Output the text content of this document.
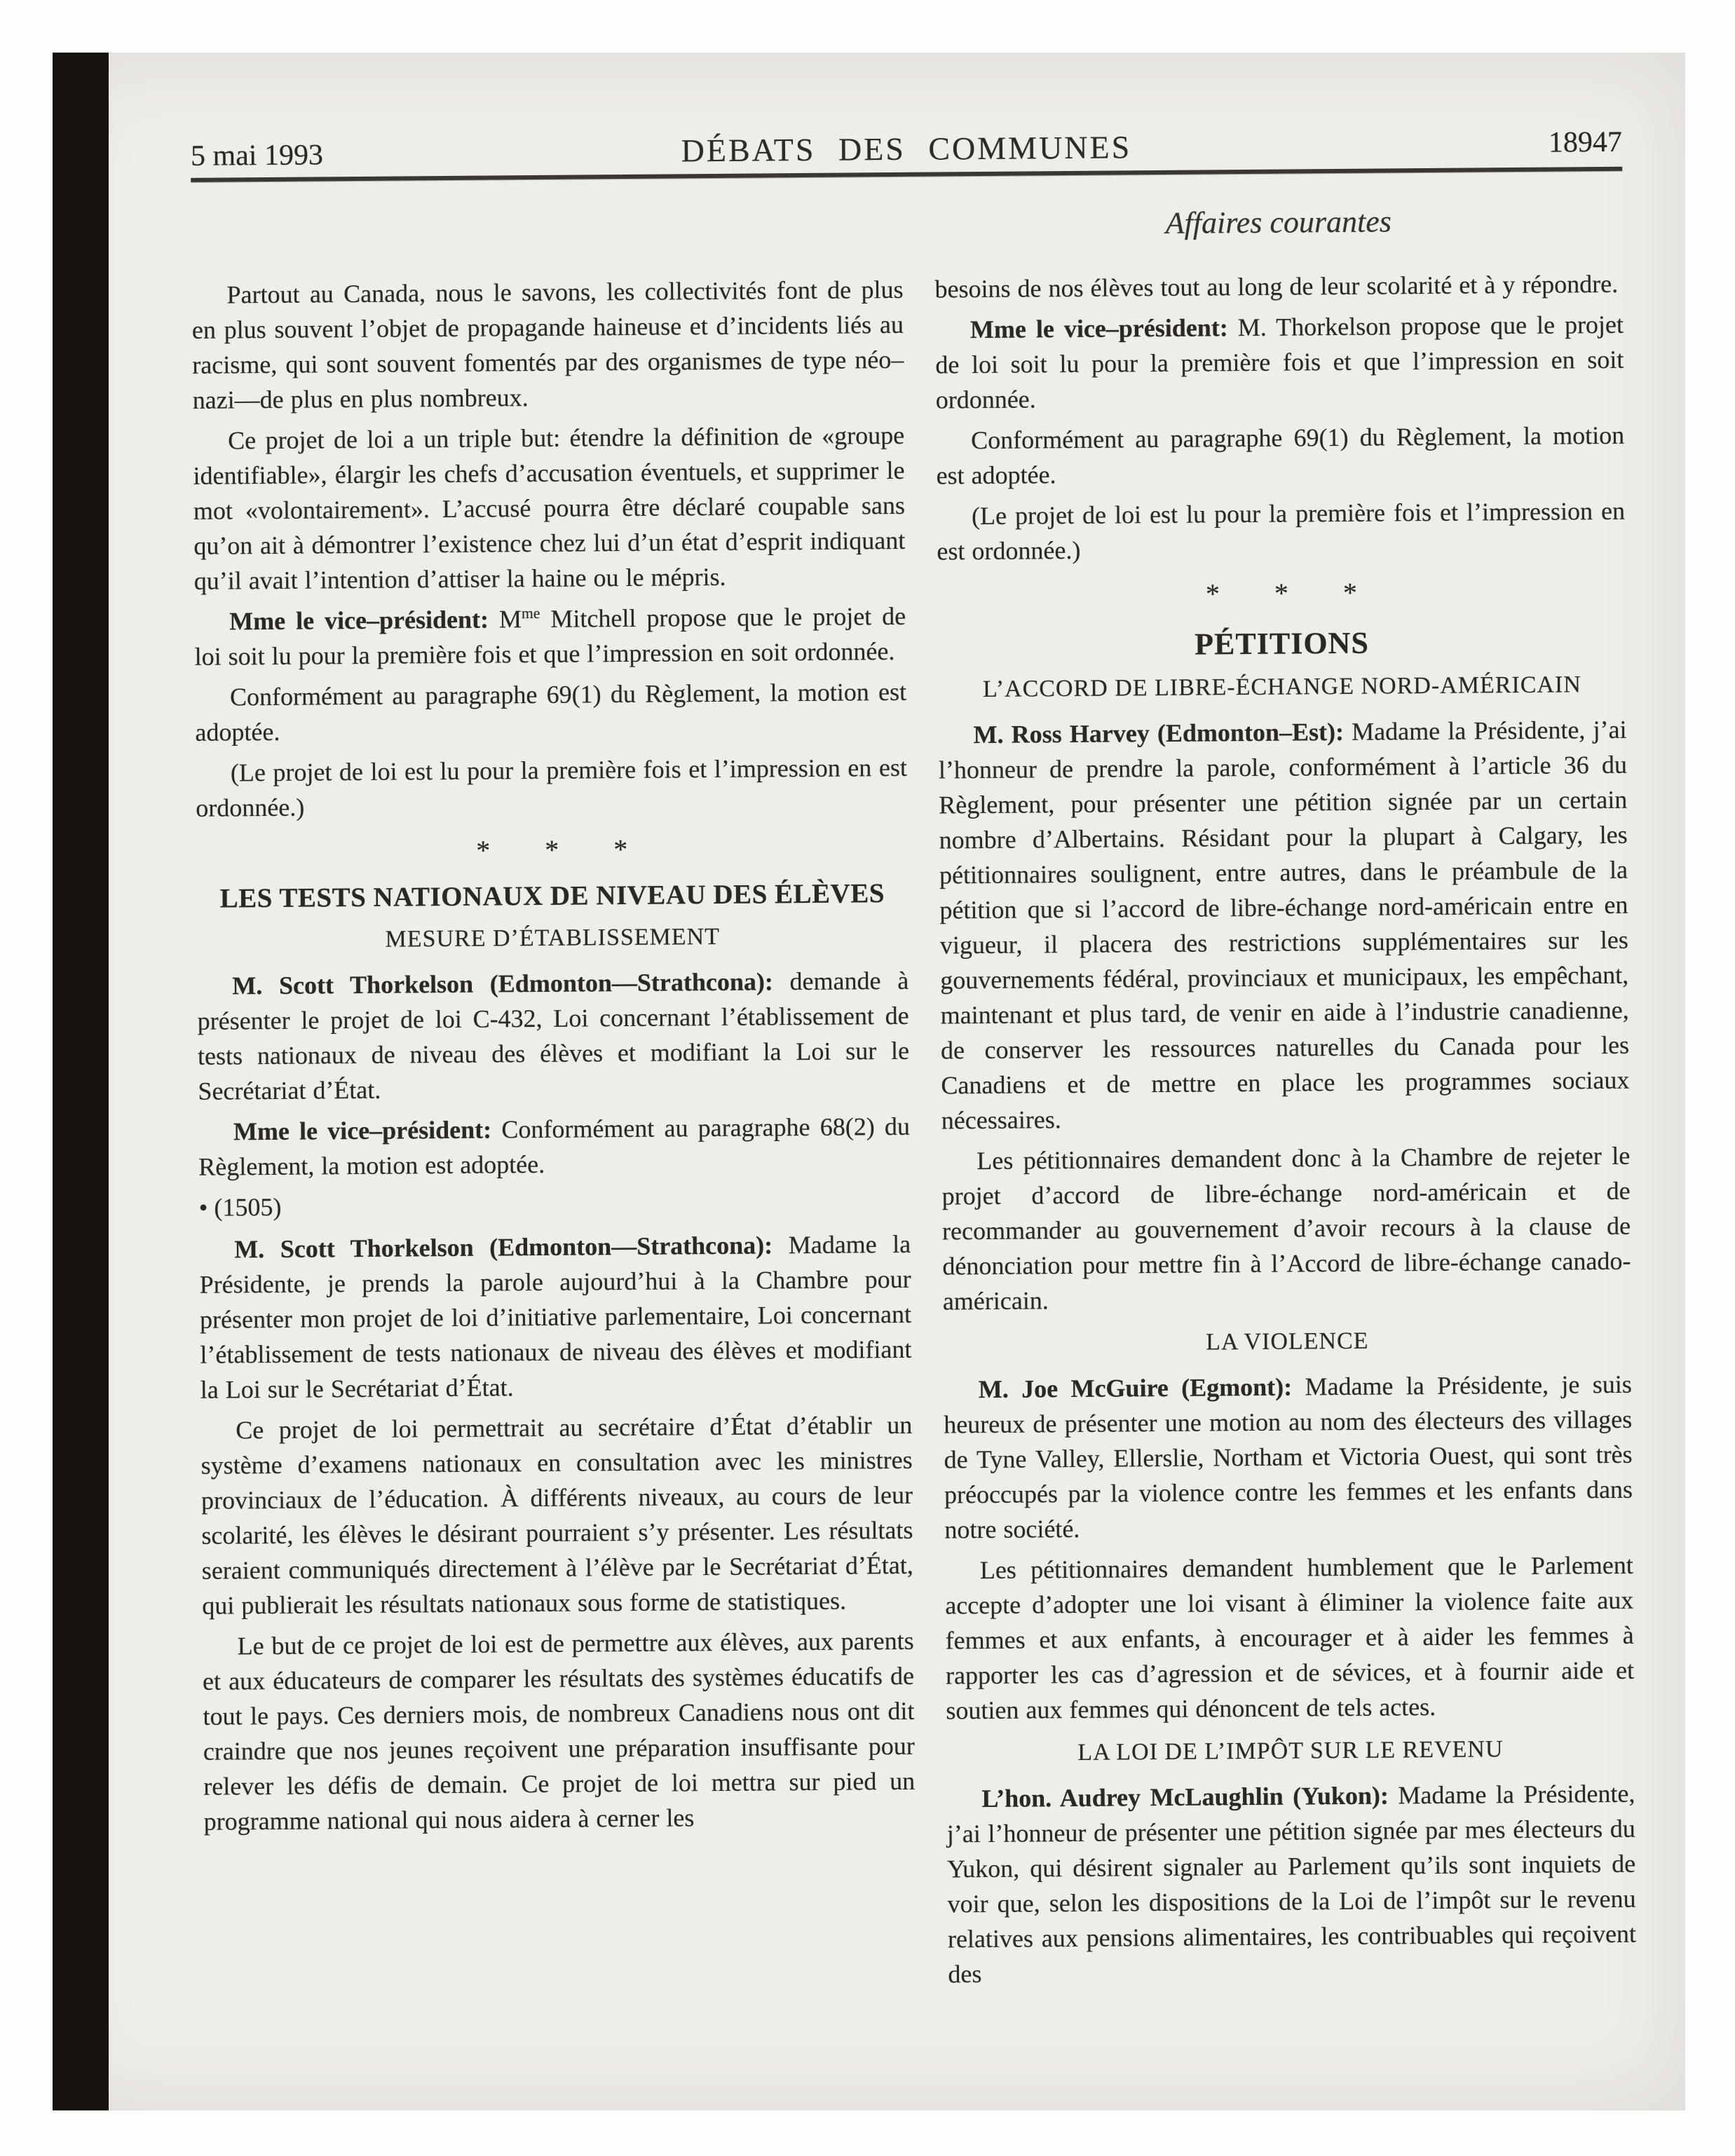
5 mai 1993	DÉBATS DES COMMUNES	18947

Partout au Canada, nous le savons, les collectivités font de plus en plus souvent l’objet de propagande haineuse et d’incidents liés au racisme, qui sont souvent fomentés par des organismes de type néo–nazi—de plus en plus nombreux.

Ce projet de loi a un triple but: étendre la définition de «groupe identifiable», élargir les chefs d’accusation éventuels, et supprimer le mot «volontairement». L’accusé pourra être déclaré coupable sans qu’on ait à démontrer l’existence chez lui d’un état d’esprit indiquant qu’il avait l’intention d’attiser la haine ou le mépris.

Mme le vice–président: $M^{me}$ Mitchell propose que le projet de loi soit lu pour la première fois et que l’impression en soit ordonnée.

Conformément au paragraphe 69(1) du Règlement, la motion est adoptée.

(Le projet de loi est lu pour la première fois et l’impression en est ordonnée.)

* * *
LES TESTS NATIONAUX DE NIVEAU DES ÉLÈVES
MESURE D’ÉTABLISSEMENT

M. Scott Thorkelson (Edmonton—Strathcona): demande à présenter le projet de loi C-432, Loi concernant l’établissement de tests nationaux de niveau des élèves et modifiant la Loi sur le Secrétariat d’État.

Mme le vice–président: Conformément au paragraphe 68(2) du Règlement, la motion est adoptée.

• (1505)

M. Scott Thorkelson (Edmonton—Strathcona): Madame la Présidente, je prends la parole aujourd’hui à la Chambre pour présenter mon projet de loi d’initiative parlementaire, Loi concernant l’établissement de tests nationaux de niveau des élèves et modifiant la Loi sur le Secrétariat d’État.

Ce projet de loi permettrait au secrétaire d’État d’établir un système d’examens nationaux en consultation avec les ministres provinciaux de l’éducation. À différents niveaux, au cours de leur scolarité, les élèves le désirant pourraient s’y présenter. Les résultats seraient communiqués directement à l’élève par le Secrétariat d’État, qui publierait les résultats nationaux sous forme de statistiques.

Le but de ce projet de loi est de permettre aux élèves, aux parents et aux éducateurs de comparer les résultats des systèmes éducatifs de tout le pays. Ces derniers mois, de nombreux Canadiens nous ont dit craindre que nos jeunes reçoivent une préparation insuffisante pour relever les défis de demain. Ce projet de loi mettra sur pied un programme national qui nous aidera à cerner les

Affaires courantes

besoins de nos élèves tout au long de leur scolarité et à y répondre.

Mme le vice–président: M. Thorkelson propose que le projet de loi soit lu pour la première fois et que l’impression en soit ordonnée.

Conformément au paragraphe 69(1) du Règlement, la motion est adoptée.

(Le projet de loi est lu pour la première fois et l’impression en est ordonnée.)

* * *
PÉTITIONS
L’ACCORD DE LIBRE-ÉCHANGE NORD-AMÉRICAIN

M. Ross Harvey (Edmonton–Est): Madame la Présidente, j’ai l’honneur de prendre la parole, conformément à l’article 36 du Règlement, pour présenter une pétition signée par un certain nombre d’Albertains. Résidant pour la plupart à Calgary, les pétitionnaires soulignent, entre autres, dans le préambule de la pétition que si l’accord de libre-échange nord-américain entre en vigueur, il placera des restrictions supplémentaires sur les gouvernements fédéral, provinciaux et municipaux, les empêchant, maintenant et plus tard, de venir en aide à l’industrie canadienne, de conserver les ressources naturelles du Canada pour les Canadiens et de mettre en place les programmes sociaux nécessaires.

Les pétitionnaires demandent donc à la Chambre de rejeter le projet d’accord de libre-échange nord-américain et de recommander au gouvernement d’avoir recours à la clause de dénonciation pour mettre fin à l’Accord de libre-échange canado-américain.

LA VIOLENCE

M. Joe McGuire (Egmont): Madame la Présidente, je suis heureux de présenter une motion au nom des électeurs des villages de Tyne Valley, Ellerslie, Northam et Victoria Ouest, qui sont très préoccupés par la violence contre les femmes et les enfants dans notre société.

Les pétitionnaires demandent humblement que le Parlement accepte d’adopter une loi visant à éliminer la violence faite aux femmes et aux enfants, à encourager et à aider les femmes à rapporter les cas d’agression et de sévices, et à fournir aide et soutien aux femmes qui dénoncent de tels actes.

LA LOI DE L’IMPÔT SUR LE REVENU

L’hon. Audrey McLaughlin (Yukon): Madame la Présidente, j’ai l’honneur de présenter une pétition signée par mes électeurs du Yukon, qui désirent signaler au Parlement qu’ils sont inquiets de voir que, selon les dispositions de la Loi de l’impôt sur le revenu relatives aux pensions alimentaires, les contribuables qui reçoivent des
